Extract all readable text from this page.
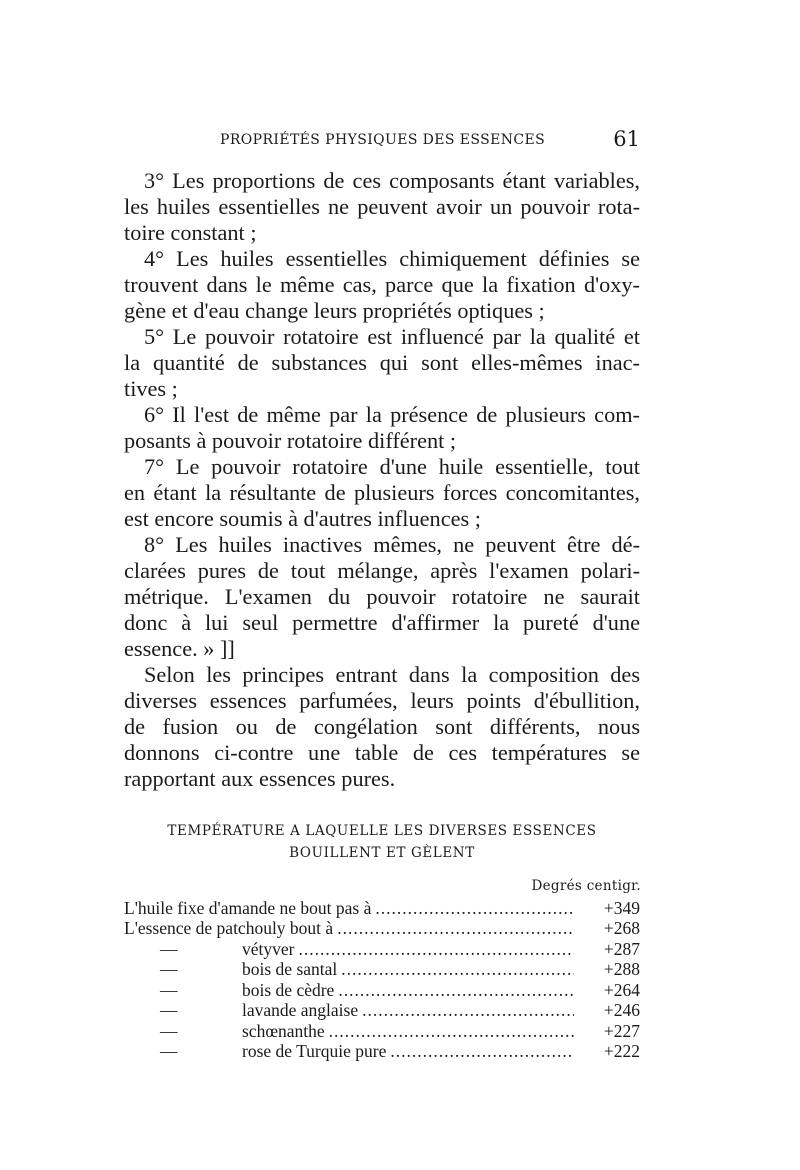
PROPRIÉTÉS PHYSIQUES DES ESSENCES	61
3° Les proportions de ces composants étant variables,
les huiles essentielles ne peuvent avoir un pouvoir rota-
toire constant ;
4° Les huiles essentielles chimiquement définies se
trouvent dans le même cas, parce que la fixation d'oxy-
gène et d'eau change leurs propriétés optiques ;
5° Le pouvoir rotatoire est influencé par la qualité et
la quantité de substances qui sont elles-mêmes inac-
tives ;
6° Il l'est de même par la présence de plusieurs com-
posants à pouvoir rotatoire différent ;
7° Le pouvoir rotatoire d'une huile essentielle, tout
en étant la résultante de plusieurs forces concomitantes,
est encore soumis à d'autres influences ;
8° Les huiles inactives mêmes, ne peuvent être dé-
clarées pures de tout mélange, après l'examen polari-
métrique. L'examen du pouvoir rotatoire ne saurait
donc à lui seul permettre d'affirmer la pureté d'une
essence. » ]]
Selon les principes entrant dans la composition des
diverses essences parfumées, leurs points d'ébullition,
de fusion ou de congélation sont différents, nous
donnons ci-contre une table de ces températures se
rapportant aux essences pures.
TEMPÉRATURE A LAQUELLE LES DIVERSES ESSENCES
BOUILLENT ET GÈLENT
Degrés centigr.
L'huile fixe d'amande ne bout pas à .....	+349
L'essence de patchouly bout à .....	+268
—	vétyver .....	+287
—	bois de santal .....	+288
—	bois de cèdre .....	+264
—	lavande anglaise .....	+246
—	schœnanthe .....	+227
—	rose de Turquie pure .....	+222
